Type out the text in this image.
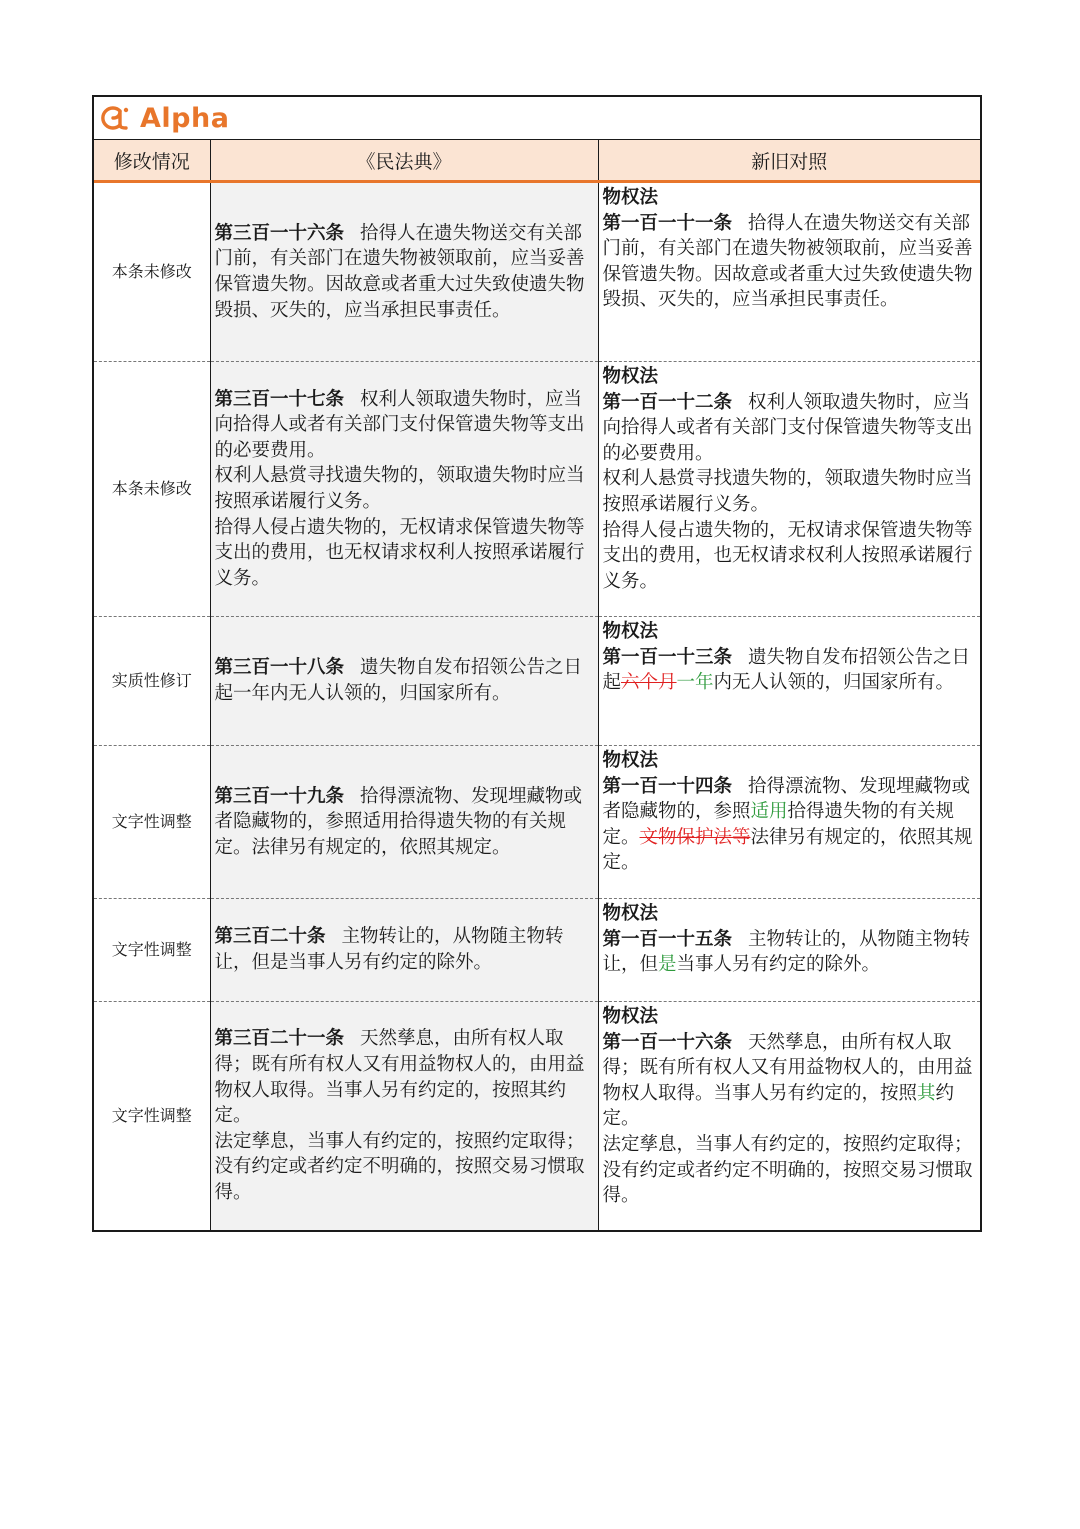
Alpha
修改情况	《民法典》	新旧对照
本条未修改	第三百一十六条 拾得人在遗失物送交有关部门前，有关部门在遗失物被领取前，应当妥善保管遗失物。因故意或者重大过失致使遗失物毁损、灭失的，应当承担民事责任。	物权法
第一百一十一条 拾得人在遗失物送交有关部门前，有关部门在遗失物被领取前，应当妥善保管遗失物。因故意或者重大过失致使遗失物毁损、灭失的，应当承担民事责任。
本条未修改	第三百一十七条 权利人领取遗失物时，应当向拾得人或者有关部门支付保管遗失物等支出的必要费用。
权利人悬赏寻找遗失物的，领取遗失物时应当按照承诺履行义务。
拾得人侵占遗失物的，无权请求保管遗失物等支出的费用，也无权请求权利人按照承诺履行义务。	物权法
第一百一十二条 权利人领取遗失物时，应当向拾得人或者有关部门支付保管遗失物等支出的必要费用。
权利人悬赏寻找遗失物的，领取遗失物时应当按照承诺履行义务。
拾得人侵占遗失物的，无权请求保管遗失物等支出的费用，也无权请求权利人按照承诺履行义务。

实质性修订	第三百一十八条 遗失物自发布招领公告之日起一年内无人认领的，归国家所有。	物权法
第一百一十三条 遗失物自发布招领公告之日起六个月一年内无人认领的，归国家所有。
文字性调整	第三百一十九条 拾得漂流物、发现埋藏物或者隐藏物的，参照适用拾得遗失物的有关规定。法律另有规定的，依照其规定。	物权法
第一百一十四条 拾得漂流物、发现埋藏物或者隐藏物的，参照适用拾得遗失物的有关规定。文物保护法等法律另有规定的，依照其规定。
文字性调整	第三百二十条 主物转让的，从物随主物转让，但是当事人另有约定的除外。	物权法
第一百一十五条 主物转让的，从物随主物转让，但是当事人另有约定的除外。
文字性调整	第三百二十一条 天然孳息，由所有权人取得；既有所有权人又有用益物权人的，由用益物权人取得。当事人另有约定的，按照其约定。
法定孳息，当事人有约定的，按照约定取得；没有约定或者约定不明确的，按照交易习惯取得。	物权法
第一百一十六条 天然孳息，由所有权人取得；既有所有权人又有用益物权人的，由用益物权人取得。当事人另有约定的，按照其约定。
法定孳息，当事人有约定的，按照约定取得；没有约定或者约定不明确的，按照交易习惯取得。
